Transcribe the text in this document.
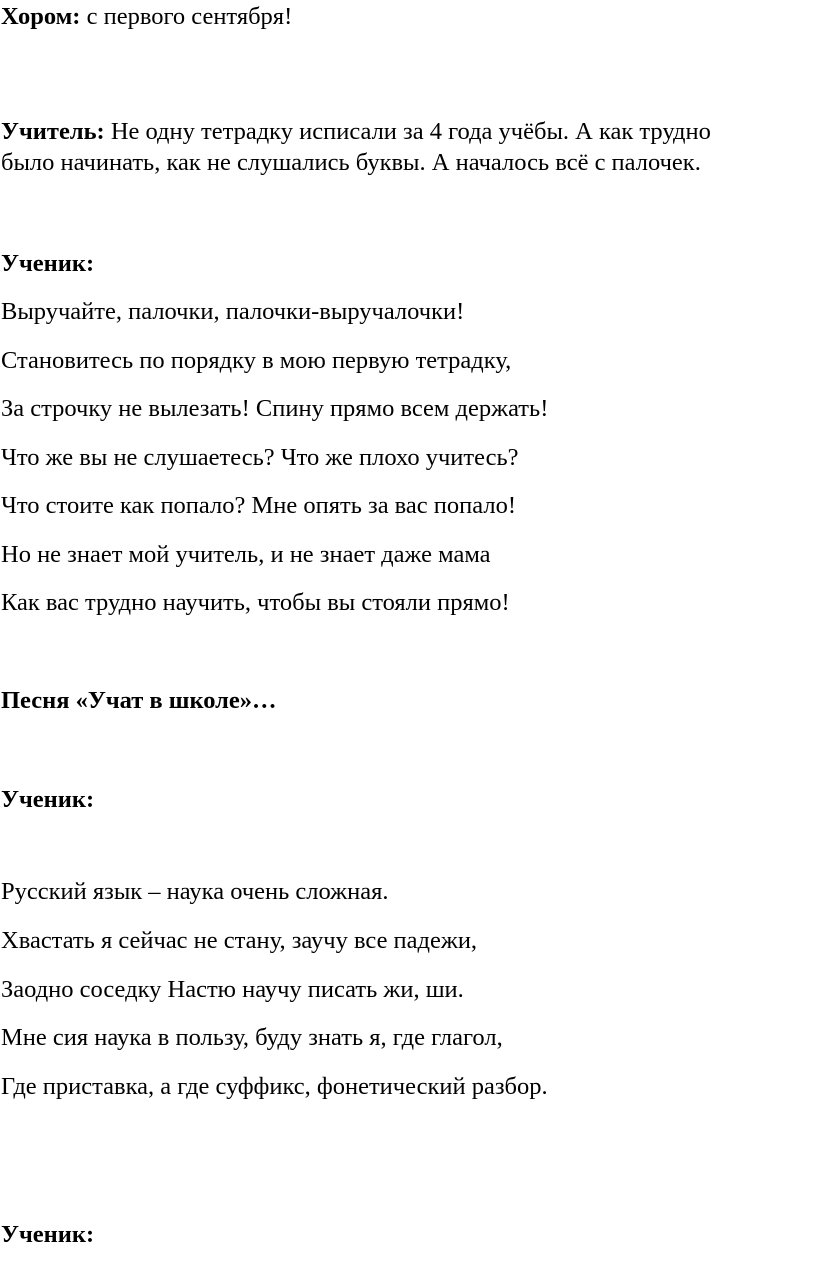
Хором: с первого сентября!

Учитель: Не одну тетрадку исписали за 4 года учёбы. А как трудно

было начинать, как не слушались буквы. А началось всё с палочек.

Ученик:

Выручайте, палочки, палочки-выручалочки!

Становитесь по порядку в мою первую тетрадку,

За строчку не вылезать! Спину прямо всем держать!

Что же вы не слушаетесь? Что же плохо учитесь?

Что стоите как попало? Мне опять за вас попало!

Но не знает мой учитель, и не знает даже мама

Как вас трудно научить, чтобы вы стояли прямо!

Песня «Учат в школе»…

Ученик:

Русский язык – наука очень сложная.

Хвастать я сейчас не стану, заучу все падежи,

Заодно соседку Настю научу писать жи, ши.

Мне сия наука в пользу, буду знать я, где глагол,

Где приставка, а где суффикс, фонетический разбор.

Ученик:
